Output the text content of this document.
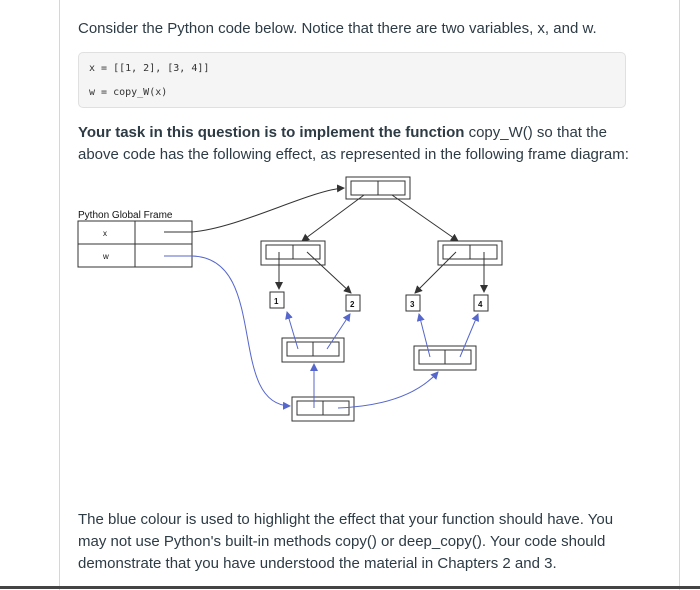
Consider the Python code below. Notice that there are two variables, x, and w.

x = [[1, 2], [3, 4]]
w = copy_W(x)

Your task in this question is to implement the function copy_W() so that the above code has the following effect, as represented in the following frame diagram:

Python Global Frame
x
w
1	2	3	4

The blue colour is used to highlight the effect that your function should have. You may not use Python's built-in methods copy() or deep_copy(). Your code should demonstrate that you have understood the material in Chapters 2 and 3.
